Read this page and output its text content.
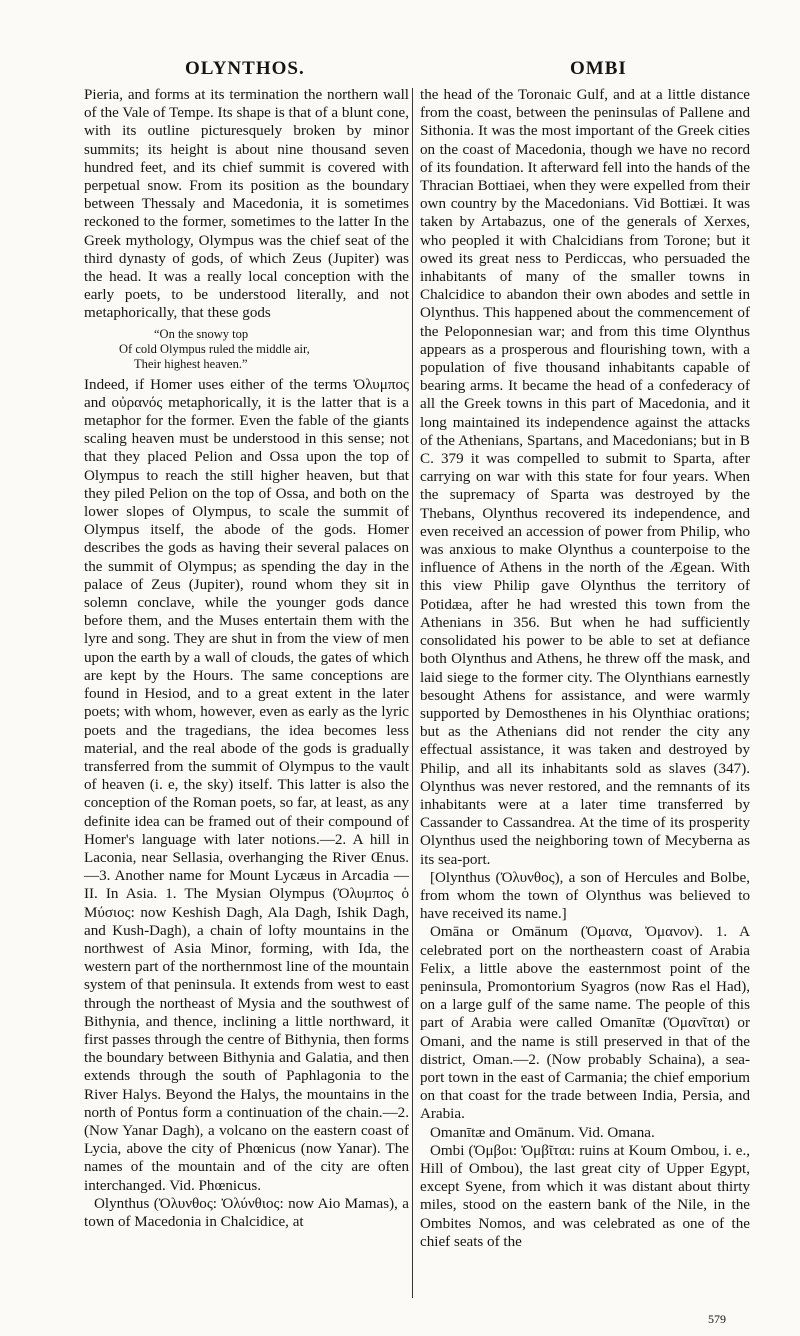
OLYNTHOS.	OMBI

Pieria, and forms at its termination the northern wall of the Vale of Tempe. Its shape is that of a blunt cone, with its outline picturesquely broken by minor summits; its height is about nine thousand seven hundred feet, and its chief summit is covered with perpetual snow. From its position as the boundary between Thessaly and Macedonia, it is sometimes reckoned to the former, sometimes to the latter In the Greek mythology, Olympus was the chief seat of the third dynasty of gods, of which Zeus (Jupiter) was the head. It was a really local conception with the early poets, to be understood literally, and not metaphorically, that these gods

“On the snowy top
Of cold Olympus ruled the middle air,
Their highest heaven.”

Indeed, if Homer uses either of the terms Ὀλυμπος and οὐρανός metaphorically, it is the latter that is a metaphor for the former. Even the fable of the giants scaling heaven must be understood in this sense; not that they placed Pelion and Ossa upon the top of Olympus to reach the still higher heaven, but that they piled Pelion on the top of Ossa, and both on the lower slopes of Olympus, to scale the summit of Olympus itself, the abode of the gods. Homer describes the gods as having their several palaces on the summit of Olympus; as spending the day in the palace of Zeus (Jupiter), round whom they sit in solemn conclave, while the younger gods dance before them, and the Muses entertain them with the lyre and song. They are shut in from the view of men upon the earth by a wall of clouds, the gates of which are kept by the Hours. The same conceptions are found in Hesiod, and to a great extent in the later poets; with whom, however, even as early as the lyric poets and the tragedians, the idea becomes less material, and the real abode of the gods is gradually transferred from the summit of Olympus to the vault of heaven (i. e, the sky) itself. This latter is also the conception of the Roman poets, so far, at least, as any definite idea can be framed out of their compound of Homer's language with later notions.—2. A hill in Laconia, near Sellasia, overhanging the River Œnus.—3. Another name for Mount Lycæus in Arcadia —II. In Asia. 1. The Mysian Olympus (Ὀλυμπος ὁ Μύσιος: now Keshish Dagh, Ala Dagh, Ishik Dagh, and Kush-Dagh), a chain of lofty mountains in the northwest of Asia Minor, forming, with Ida, the western part of the northernmost line of the mountain system of that peninsula. It extends from west to east through the northeast of Mysia and the southwest of Bithynia, and thence, inclining a little northward, it first passes through the centre of Bithynia, then forms the boundary between Bithynia and Galatia, and then extends through the south of Paphlagonia to the River Halys. Beyond the Halys, the mountains in the north of Pontus form a continuation of the chain.—2. (Now Yanar Dagh), a volcano on the eastern coast of Lycia, above the city of Phœnicus (now Yanar). The names of the mountain and of the city are often interchanged. Vid. Phœnicus.

Olynthus (Ὀλυνθος: Ὀλύνθιος: now Aio Mamas), a town of Macedonia in Chalcidice, at

the head of the Toronaic Gulf, and at a little distance from the coast, between the peninsulas of Pallene and Sithonia. It was the most important of the Greek cities on the coast of Macedonia, though we have no record of its foundation. It afterward fell into the hands of the Thracian Bottiaei, when they were expelled from their own country by the Macedonians. Vid Bottiæi. It was taken by Artabazus, one of the generals of Xerxes, who peopled it with Chalcidians from Torone; but it owed its great ness to Perdiccas, who persuaded the inhabitants of many of the smaller towns in Chalcidice to abandon their own abodes and settle in Olynthus. This happened about the commencement of the Peloponnesian war; and from this time Olynthus appears as a prosperous and flourishing town, with a population of five thousand inhabitants capable of bearing arms. It became the head of a confederacy of all the Greek towns in this part of Macedonia, and it long maintained its independence against the attacks of the Athenians, Spartans, and Macedonians; but in B C. 379 it was compelled to submit to Sparta, after carrying on war with this state for four years. When the supremacy of Sparta was destroyed by the Thebans, Olynthus recovered its independence, and even received an accession of power from Philip, who was anxious to make Olynthus a counterpoise to the influence of Athens in the north of the Ægean. With this view Philip gave Olynthus the territory of Potidæa, after he had wrested this town from the Athenians in 356. But when he had sufficiently consolidated his power to be able to set at defiance both Olynthus and Athens, he threw off the mask, and laid siege to the former city. The Olynthians earnestly besought Athens for assistance, and were warmly supported by Demosthenes in his Olynthiac orations; but as the Athenians did not render the city any effectual assistance, it was taken and destroyed by Philip, and all its inhabitants sold as slaves (347). Olynthus was never restored, and the remnants of its inhabitants were at a later time transferred by Cassander to Cassandrea. At the time of its prosperity Olynthus used the neighboring town of Mecyberna as its sea-port.

[Olynthus (Ὀλυνθος), a son of Hercules and Bolbe, from whom the town of Olynthus was believed to have received its name.]

Omāna or Omānum (Ὀμανα, Ὀμανον). 1. A celebrated port on the northeastern coast of Arabia Felix, a little above the easternmost point of the peninsula, Promontorium Syagros (now Ras el Had), on a large gulf of the same name. The people of this part of Arabia were called Omanītæ (Ὀμανῖται) or Omani, and the name is still preserved in that of the district, Oman.—2. (Now probably Schaina), a sea-port town in the east of Carmania; the chief emporium on that coast for the trade between India, Persia, and Arabia.

Omanītæ and Omānum. Vid. Omana.

Ombi (Ὀμβοι: Ὀμβῖται: ruins at Koum Ombou, i. e., Hill of Ombou), the last great city of Upper Egypt, except Syene, from which it was distant about thirty miles, stood on the eastern bank of the Nile, in the Ombites Nomos, and was celebrated as one of the chief seats of the

579
